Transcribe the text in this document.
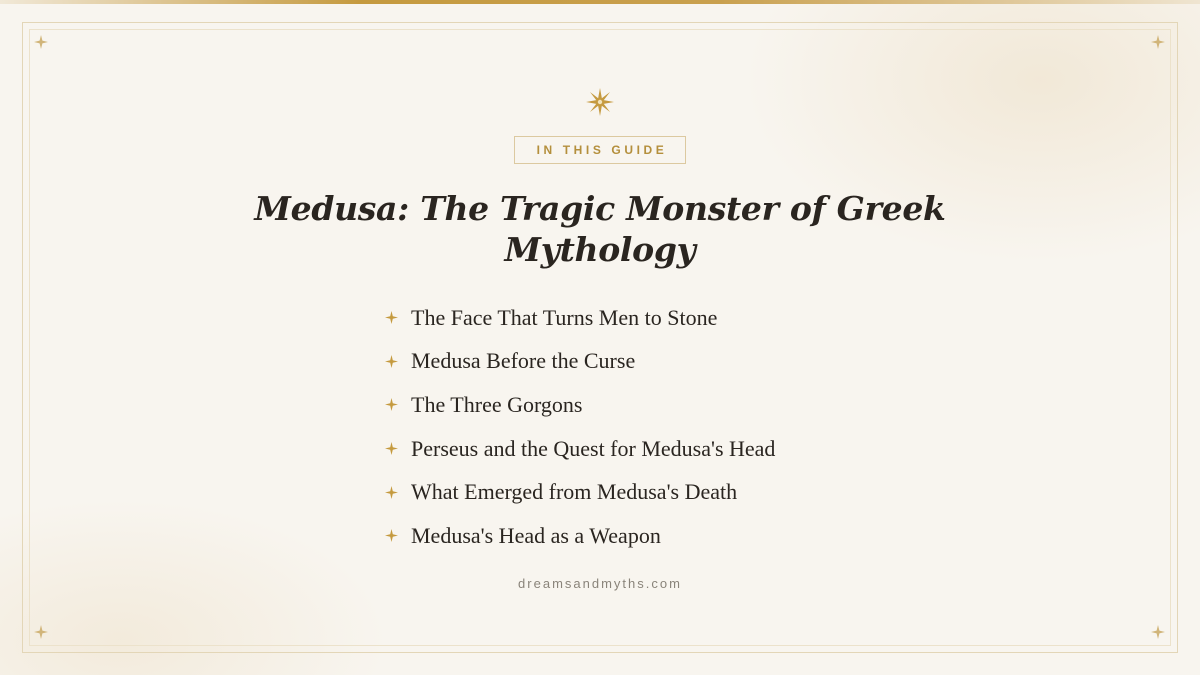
IN THIS GUIDE
Medusa: The Tragic Monster of Greek Mythology
The Face That Turns Men to Stone
Medusa Before the Curse
The Three Gorgons
Perseus and the Quest for Medusa's Head
What Emerged from Medusa's Death
Medusa's Head as a Weapon
dreamsandmyths.com
